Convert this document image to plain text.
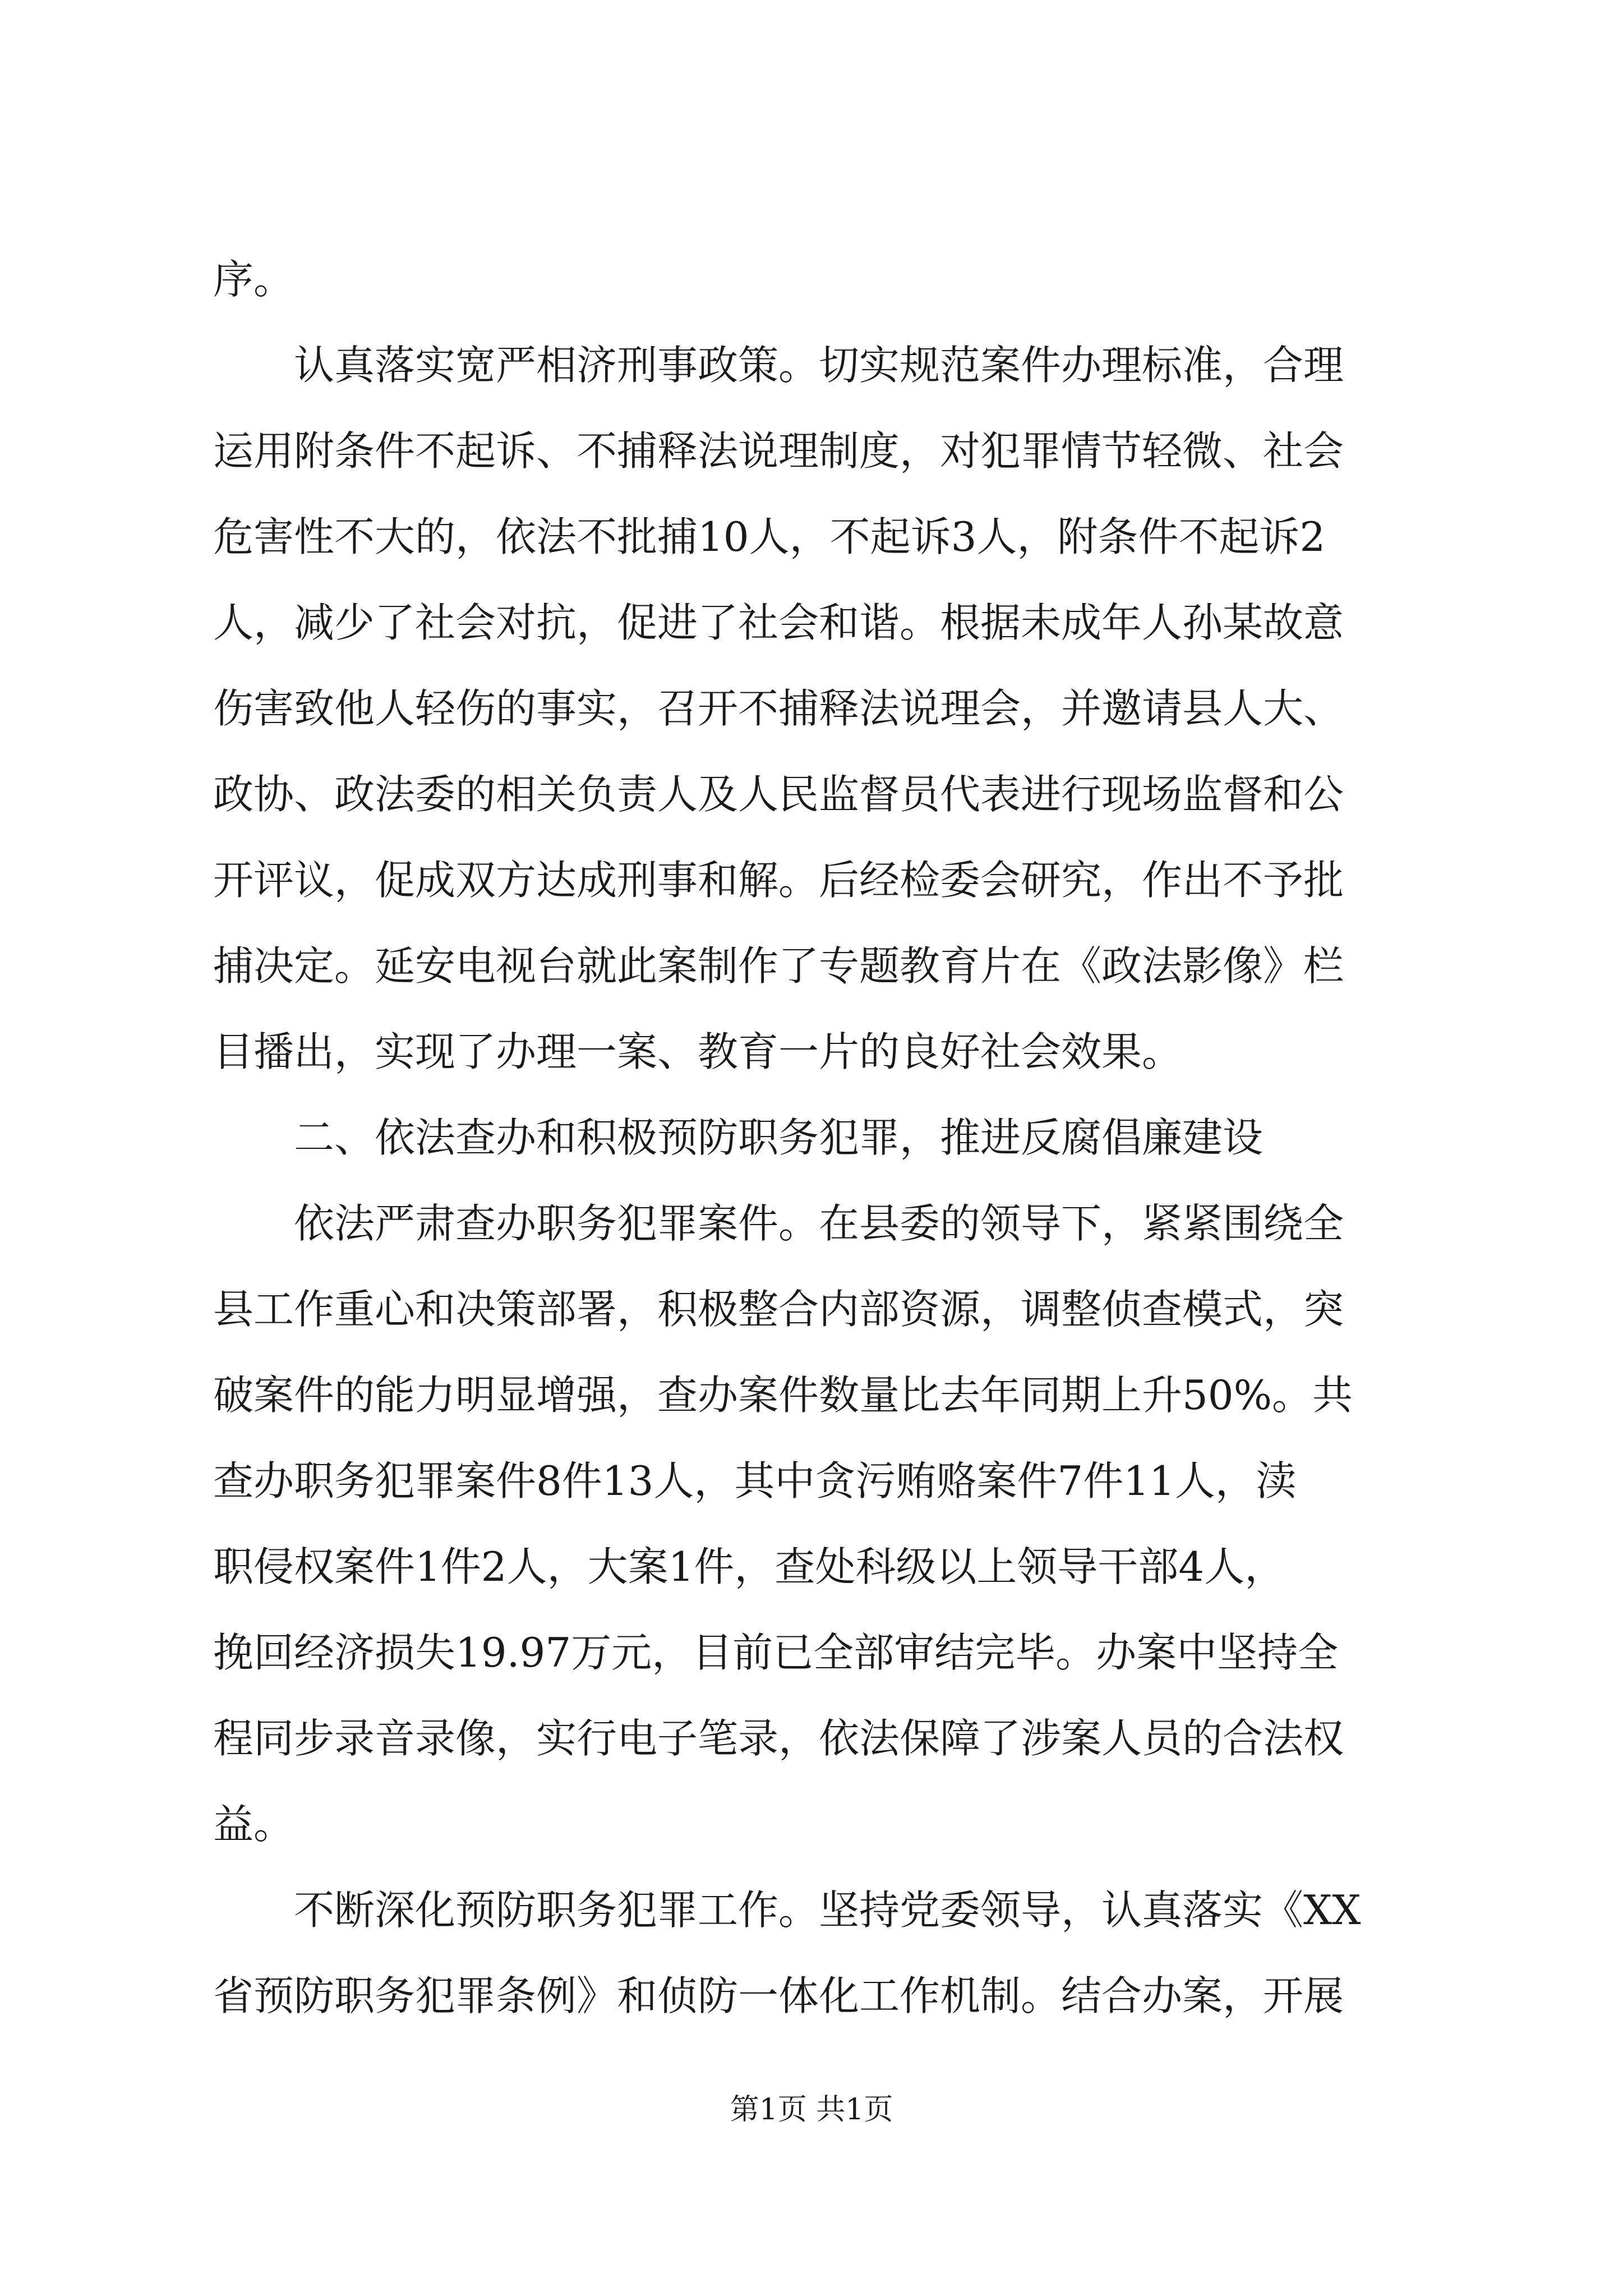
序。
　　认真落实宽严相济刑事政策。切实规范案件办理标准，合理
运用附条件不起诉、不捕释法说理制度，对犯罪情节轻微、社会
危害性不大的，依法不批捕10人，不起诉3人，附条件不起诉2
人，减少了社会对抗，促进了社会和谐。根据未成年人孙某故意
伤害致他人轻伤的事实，召开不捕释法说理会，并邀请县人大、
政协、政法委的相关负责人及人民监督员代表进行现场监督和公
开评议，促成双方达成刑事和解。后经检委会研究，作出不予批
捕决定。延安电视台就此案制作了专题教育片在《政法影像》栏
目播出，实现了办理一案、教育一片的良好社会效果。
　　二、依法查办和积极预防职务犯罪，推进反腐倡廉建设
　　依法严肃查办职务犯罪案件。在县委的领导下，紧紧围绕全
县工作重心和决策部署，积极整合内部资源，调整侦查模式，突
破案件的能力明显增强，查办案件数量比去年同期上升50%。共
查办职务犯罪案件8件13人，其中贪污贿赂案件7件11人，渎
职侵权案件1件2人，大案1件，查处科级以上领导干部4人，
挽回经济损失19.97万元，目前已全部审结完毕。办案中坚持全
程同步录音录像，实行电子笔录，依法保障了涉案人员的合法权
益。
　　不断深化预防职务犯罪工作。坚持党委领导，认真落实《XX
省预防职务犯罪条例》和侦防一体化工作机制。结合办案，开展
第1页 共1页
